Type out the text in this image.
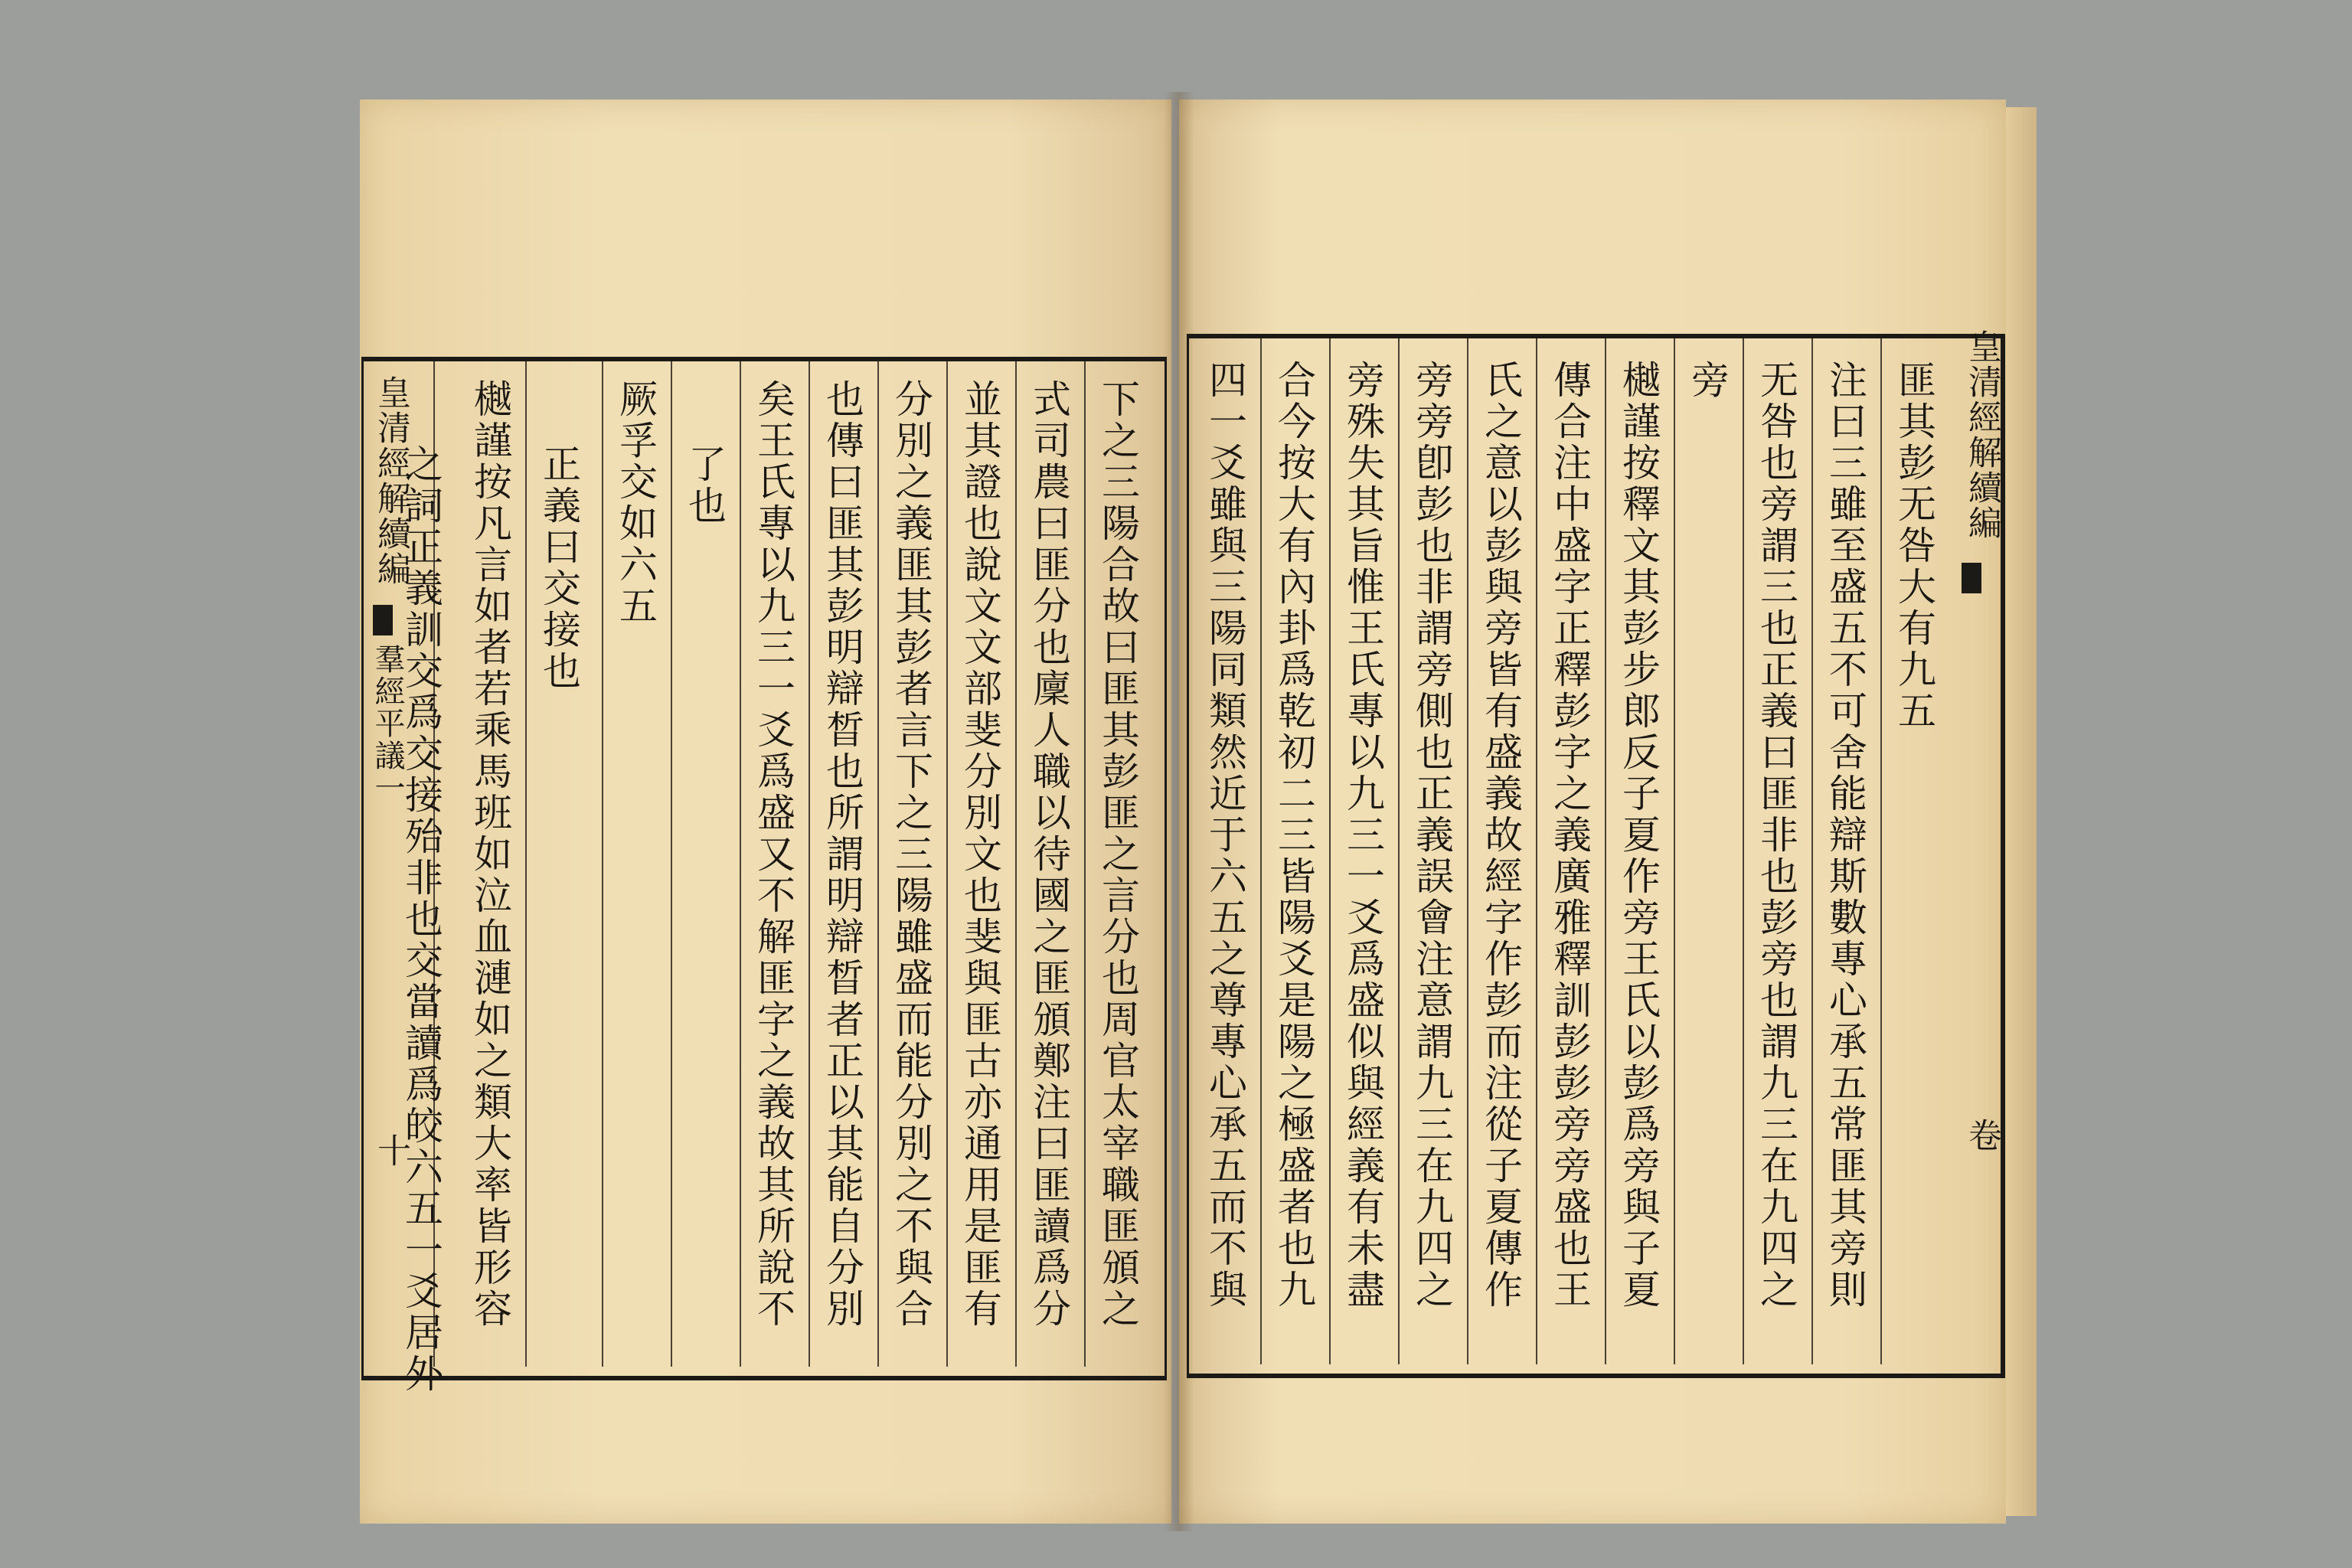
皇清經解續編
羣經平議一
十	下之三陽合故曰匪其彭匪之言分也周官太宰職匪頒之
式司農曰匪分也廩人職以待國之匪頒鄭注曰匪讀爲分
並其證也說文文部斐分別文也斐與匪古亦通用是匪有
分別之義匪其彭者言下之三陽雖盛而能分別之不與合
也傳曰匪其彭明辯晳也所謂明辯晳者正以其能自分別
矣王氏專以九三一爻爲盛又不解匪字之義故其所說不
了也
厥孚交如六五
正義曰交接也
樾謹按凡言如者若乘馬班如泣血漣如之類大率皆形容
之詞正義訓交爲交接殆非也交當讀爲皎六五一爻居外	匪其彭无咎大有九五
注曰三雖至盛五不可舍能辯斯數專心承五常匪其旁則
无咎也旁謂三也正義曰匪非也彭旁也謂九三在九四之
旁
樾謹按釋文其彭步郎反子夏作旁王氏以彭爲旁與子夏
傳合注中盛字正釋彭字之義廣雅釋訓彭彭旁旁盛也王
氏之意以彭與旁皆有盛義故經字作彭而注從子夏傳作
旁旁卽彭也非謂旁側也正義誤會注意謂九三在九四之
旁殊失其旨惟王氏專以九三一爻爲盛似與經義有未盡
合今按大有內卦爲乾初二三皆陽爻是陽之極盛者也九
四一爻雖與三陽同類然近于六五之尊專心承五而不與	皇清經解續編
卷
